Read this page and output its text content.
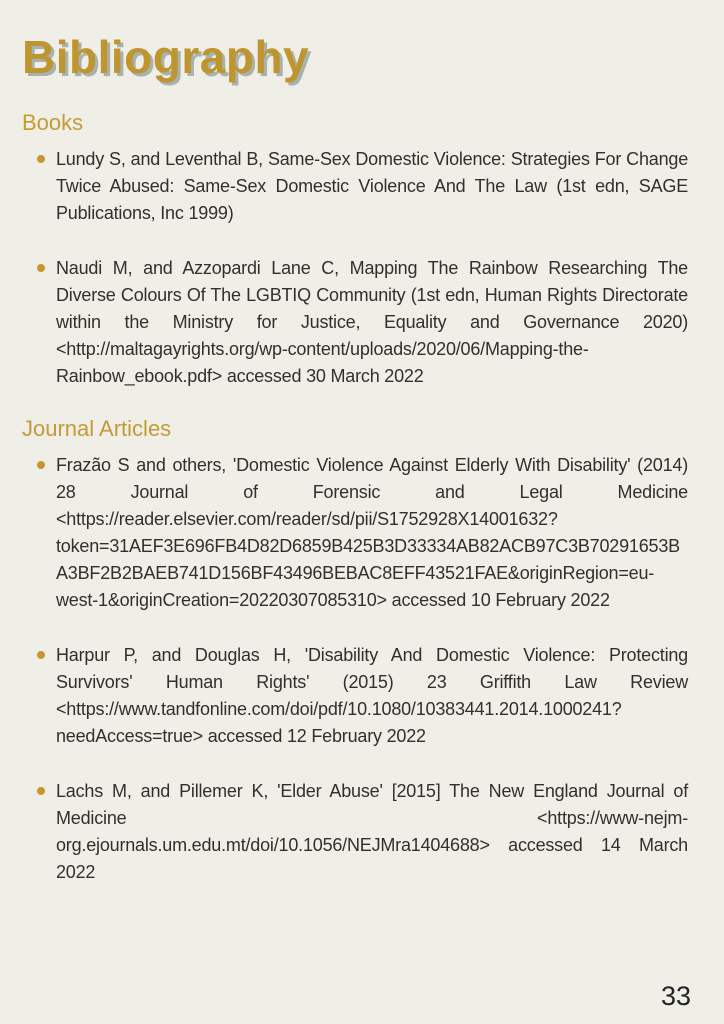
Bibliography
Books
Lundy S, and Leventhal B, Same-Sex Domestic Violence: Strategies For Change Twice Abused: Same-Sex Domestic Violence And The Law (1st edn, SAGE Publications, Inc 1999)
Naudi M, and Azzopardi Lane C, Mapping The Rainbow Researching The Diverse Colours Of The LGBTIQ Community (1st edn, Human Rights Directorate within the Ministry for Justice, Equality and Governance 2020) <http://maltagayrights.org/wp-content/uploads/2020/06/Mapping-the-Rainbow_ebook.pdf> accessed 30 March 2022
Journal Articles
Frazão S and others, 'Domestic Violence Against Elderly With Disability' (2014) 28 Journal of Forensic and Legal Medicine <https://reader.elsevier.com/reader/sd/pii/S1752928X14001632?token=31AEF3E696FB4D82D6859B425B3D33334AB82ACB97C3B70291653BA3BF2B2BAEB741D156BF43496BEBAC8EFF43521FAE&originRegion=eu-west-1&originCreation=20220307085310> accessed 10 February 2022
Harpur P, and Douglas H, 'Disability And Domestic Violence: Protecting Survivors' Human Rights' (2015) 23 Griffith Law Review <https://www.tandfonline.com/doi/pdf/10.1080/10383441.2014.1000241?needAccess=true> accessed 12 February 2022
Lachs M, and Pillemer K, 'Elder Abuse' [2015] The New England Journal of Medicine <https://www-nejm-org.ejournals.um.edu.mt/doi/10.1056/NEJMra1404688> accessed 14 March 2022
33
